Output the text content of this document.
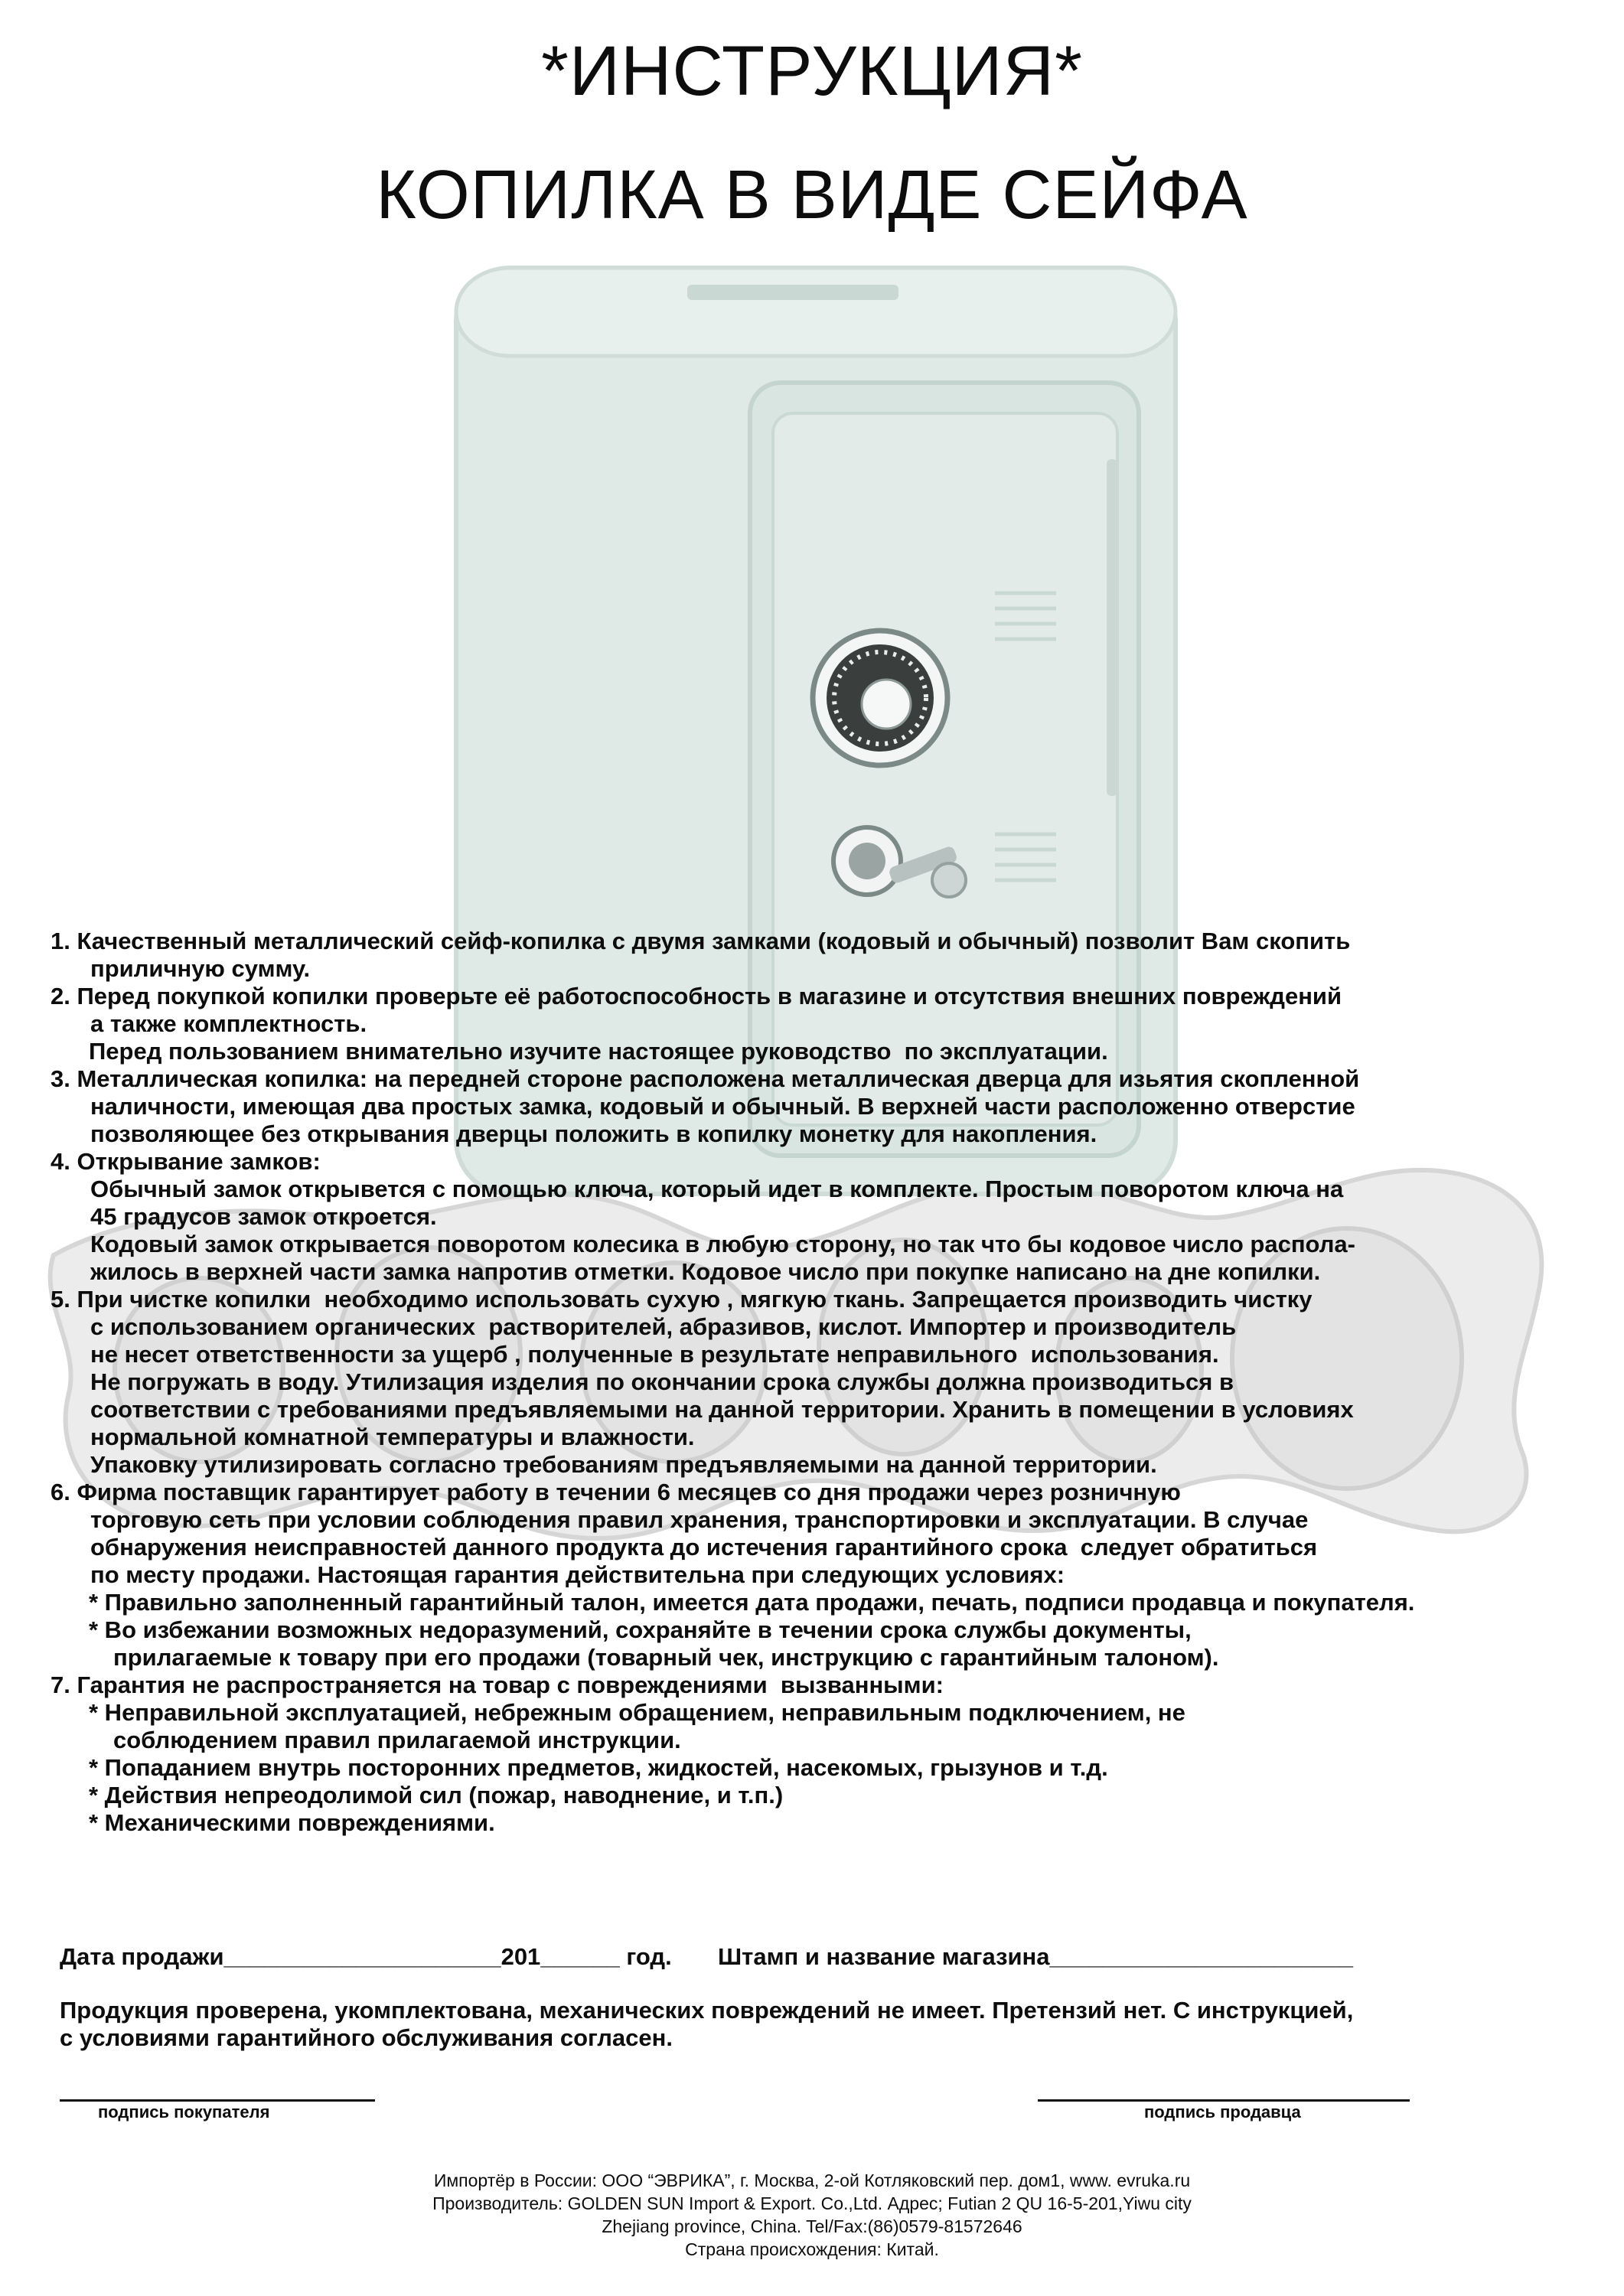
*ИНСТРУКЦИЯ*
КОПИЛКА В ВИДЕ СЕЙФА

1. Качественный металлический сейф-копилка с двумя замками (кодовый и обычный) позволит Вам скопить

приличную сумму.

2. Перед покупкой копилки проверьте её работоспособность в магазине и отсутствия внешних повреждений

а также комплектность.

Перед пользованием внимательно изучите настоящее руководство  по эксплуатации.

3. Металлическая копилка: на передней стороне расположена металлическая дверца для изьятия скопленной

наличности, имеющая два простых замка, кодовый и обычный. В верхней части расположенно отверстие

позволяющее без открывания дверцы положить в копилку монетку для накопления.

4. Открывание замков:

Обычный замок открывется с помощью ключа, который идет в комплекте. Простым поворотом ключа на

45 градусов замок откроется.

Кодовый замок открывается поворотом колесика в любую сторону, но так что бы кодовое число распола-

жилось в верхней части замка напротив отметки. Кодовое число при покупке написано на дне копилки.

5. При чистке копилки  необходимо использовать сухую , мягкую ткань. Запрещается производить чистку

с использованием органических  растворителей, абразивов, кислот. Импортер и производитель

не несет ответственности за ущерб , полученные в результате неправильного  использования.

Не погружать в воду. Утилизация изделия по окончании срока службы должна производиться в

соответствии с требованиями предъявляемыми на данной территории. Хранить в помещении в условиях

нормальной комнатной температуры и влажности.

Упаковку утилизировать согласно требованиям предъявляемыми на данной территории.

6. Фирма поставщик гарантирует работу в течении 6 месяцев со дня продажи через розничную

торговую сеть при условии соблюдения правил хранения, транспортировки и эксплуатации. В случае

обнаружения неисправностей данного продукта до истечения гарантийного срока  следует обратиться

по месту продажи. Настоящая гарантия действительна при следующих условиях:

* Правильно заполненный гарантийный талон, имеется дата продажи, печать, подписи продавца и покупателя.

* Во избежании возможных недоразумений, сохраняйте в течении срока службы документы,

прилагаемые к товару при его продажи (товарный чек, инструкцию с гарантийным талоном).

7. Гарантия не распространяется на товар с повреждениями  вызванными:

* Неправильной эксплуатацией, небрежным обращением, неправильным подключением, не

соблюдением правил прилагаемой инструкции.

* Попаданием внутрь посторонних предметов, жидкостей, насекомых, грызунов и т.д.

* Действия непреодолимой сил (пожар, наводнение, и т.п.)

* Механическими повреждениями.

Дата продажи_____________________201______ год. Штамп и название магазина_______________________

Продукция проверена, укомплектована, механических повреждений не имеет. Претензий нет. С инструкцией,

с условиями гарантийного обслуживания согласен.

подпись покупателя	подпись продавца

Импортёр в России: ООО “ЭВРИКА”, г. Москва, 2-ой Котляковский пер. дом1, www. evruka.ru

Производитель: GOLDEN SUN Import & Export. Co.,Ltd. Адрес; Futian 2 QU 16-5-201,Yiwu city

Zhejiang province, China. Tel/Fax:(86)0579-81572646

Страна происхождения: Китай.
